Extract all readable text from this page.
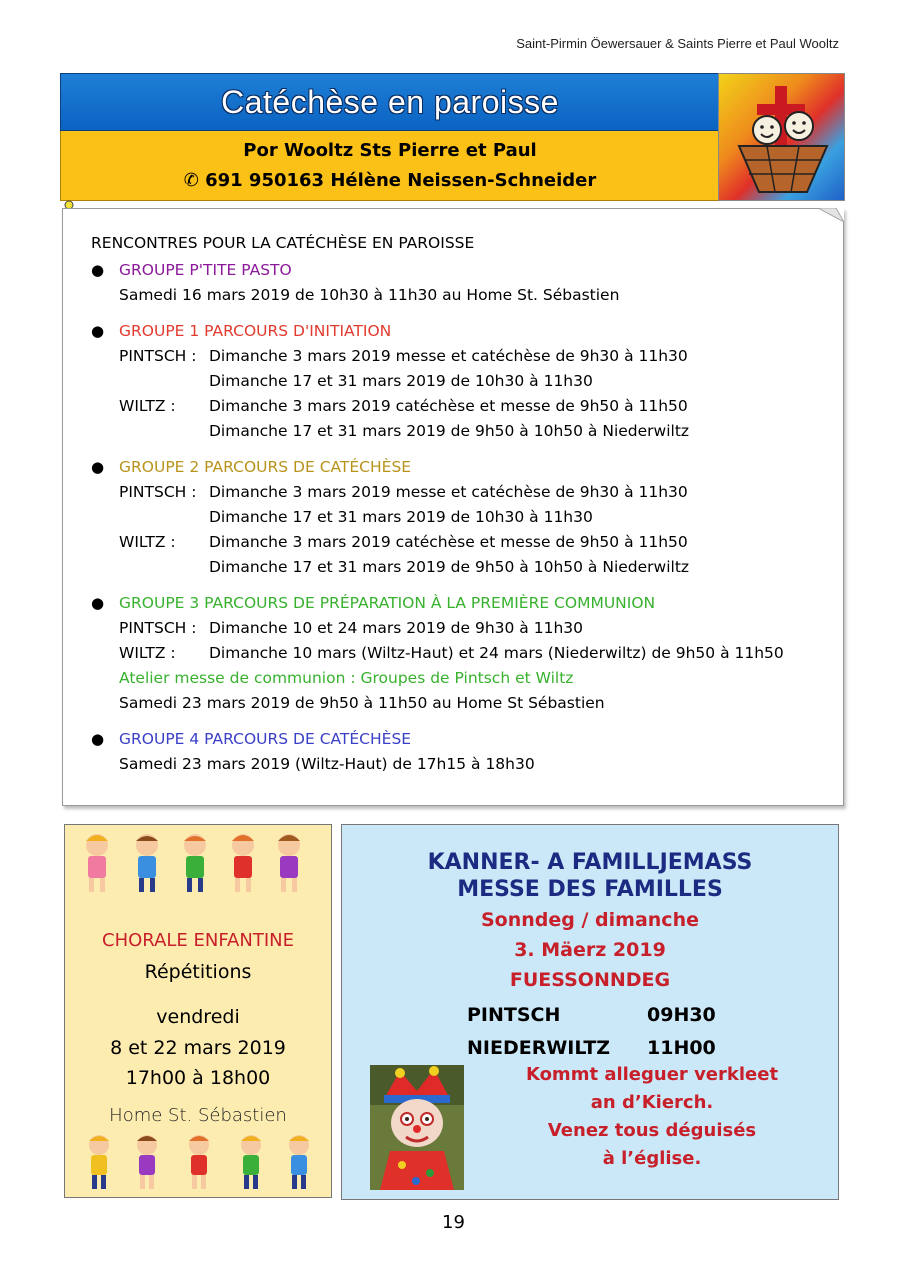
Saint-Pirmin Öewersauer & Saints Pierre et Paul Wooltz
Catéchèse en paroisse
Por Wooltz Sts Pierre et Paul
✆ 691 950163 Hélène Neissen-Schneider
RENCONTRES POUR LA CATÉCHÈSE EN PAROISSE
● GROUPE P'TITE PASTO
Samedi 16 mars 2019 de 10h30 à 11h30 au Home St. Sébastien
● GROUPE 1 PARCOURS D'INITIATION
PINTSCH : Dimanche 3 mars 2019 messe et catéchèse de 9h30 à 11h30
Dimanche 17 et 31 mars 2019 de 10h30 à 11h30
WILTZ :	Dimanche 3 mars 2019 catéchèse et messe de 9h50 à 11h50
Dimanche 17 et 31 mars 2019 de 9h50 à 10h50 à Niederwiltz
● GROUPE 2 PARCOURS DE CATÉCHÈSE
PINTSCH : Dimanche 3 mars 2019 messe et catéchèse de 9h30 à 11h30
Dimanche 17 et 31 mars 2019 de 10h30 à 11h30
WILTZ :	Dimanche 3 mars 2019 catéchèse et messe de 9h50 à 11h50
Dimanche 17 et 31 mars 2019 de 9h50 à 10h50 à Niederwiltz
● GROUPE 3 PARCOURS DE PRÉPARATION À LA PREMIÈRE COMMUNION
PINTSCH : Dimanche 10 et 24 mars 2019 de 9h30 à 11h30
WILTZ :	Dimanche 10 mars (Wiltz-Haut) et 24 mars (Niederwiltz) de 9h50 à 11h50
Atelier messe de communion : Groupes de Pintsch et Wiltz
Samedi 23 mars 2019 de 9h50 à 11h50 au Home St Sébastien
● GROUPE 4 PARCOURS DE CATÉCHÈSE
Samedi 23 mars 2019 (Wiltz-Haut) de 17h15 à 18h30
CHORALE ENFANTINE
Répétitions
vendredi
8 et 22 mars 2019
17h00 à 18h00
Home St. Sébastien
KANNER- A FAMILLJEMASS
MESSE DES FAMILLES
Sonndeg / dimanche
3. Mäerz 2019
FUESSONNDEG
PINTSCH	09H30
NIEDERWILTZ	11H00
Kommt alleguer verkleet
an d’Kierch.
Venez tous déguisés
à l’église.
19
